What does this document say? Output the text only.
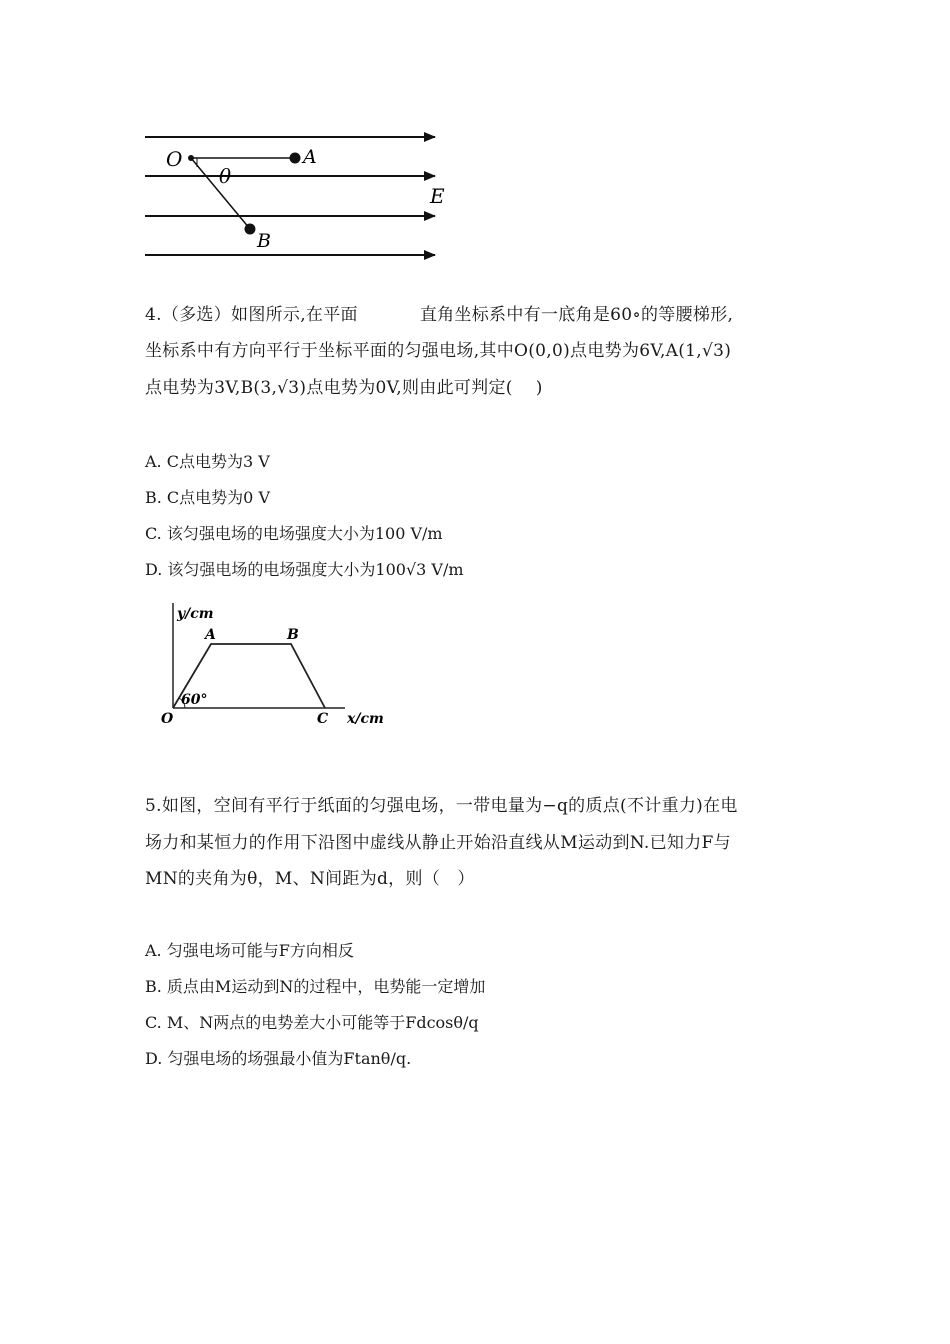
O	A
θ
B
E
4.（多选）如图所示,在平面	直角坐标系中有一底角是60∘的等腰梯形,
坐标系中有方向平行于坐标平面的匀强电场,其中O(0,0)点电势为6V,A(1,√3)
点电势为3V,B(3,√3)点电势为0V,则由此可判定(　 )
A. C点电势为3 V
B. C点电势为0 V
C. 该匀强电场的电场强度大小为100 V/m
D. 该匀强电场的电场强度大小为100√3 V/m
y/cm
A	B
60°
O	C x/cm
5.如图，空间有平行于纸面的匀强电场，一带电量为−q的质点(不计重力)在电
场力和某恒力的作用下沿图中虚线从静止开始沿直线从M运动到N.已知力F与
MN的夹角为θ，M、N间距为d，则（　）
A. 匀强电场可能与F方向相反
B. 质点由M运动到N的过程中，电势能一定增加
C. M、N两点的电势差大小可能等于Fdcosθ/q
D. 匀强电场的场强最小值为Ftanθ/q.
